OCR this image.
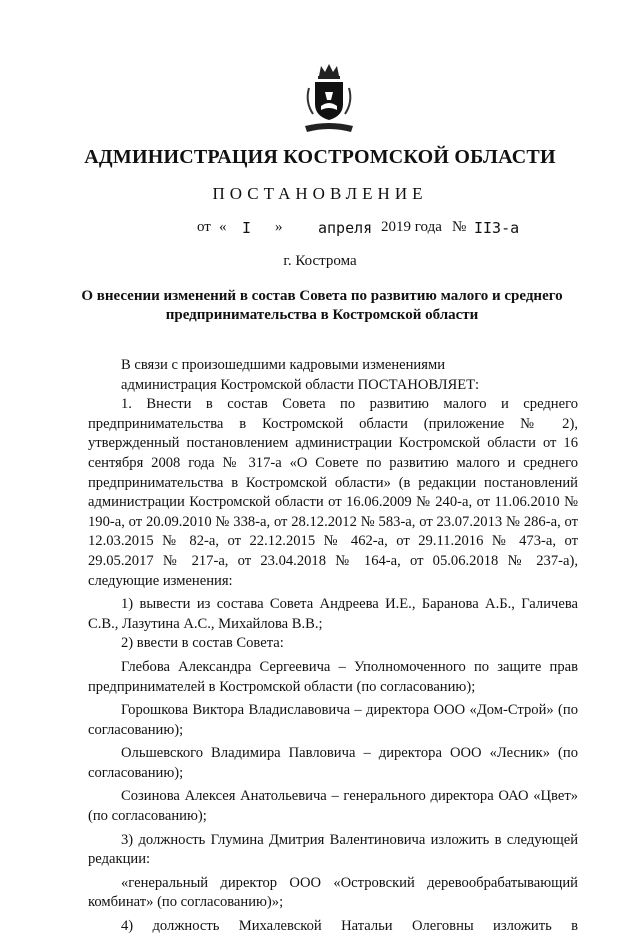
АДМИНИСТРАЦИЯ КОСТРОМСКОЙ ОБЛАСТИ
ПОСТАНОВЛЕНИЕ
от « I » апреля 2019 года № II3-а
г. Кострома
О внесении изменений в состав Совета по развитию малого и среднего предпринимательства в Костромской области

В связи с произошедшими кадровыми изменениями

администрация Костромской области ПОСТАНОВЛЯЕТ:

1. Внести в состав Совета по развитию малого и среднего предпринимательства в Костромской области (приложение № 2), утвержденный постановлением администрации Костромской области от 16 сентября 2008 года № 317-а «О Совете по развитию малого и среднего предпринимательства в Костромской области» (в редакции постановлений администрации Костромской области от 16.06.2009 № 240-а, от 11.06.2010 № 190-а, от 20.09.2010 № 338-а, от 28.12.2012 № 583-а, от 23.07.2013 № 286-а, от 12.03.2015 № 82-а, от 22.12.2015 № 462-а, от 29.11.2016 № 473-а, от 29.05.2017 № 217-а, от 23.04.2018 № 164-а, от 05.06.2018 № 237-а), следующие изменения:

1) вывести из состава Совета Андреева И.Е., Баранова А.Б., Галичева С.В., Лазутина А.С., Михайлова В.В.;

2) ввести в состав Совета:

Глебова Александра Сергеевича – Уполномоченного по защите прав предпринимателей в Костромской области (по согласованию);

Горошкова Виктора Владиславовича – директора ООО «Дом-Строй» (по согласованию);

Ольшевского Владимира Павловича – директора ООО «Лесник» (по согласованию);

Созинова Алексея Анатольевича – генерального директора ОАО «Цвет» (по согласованию);

3) должность Глумина Дмитрия Валентиновича изложить в следующей редакции:

«генеральный директор ООО «Островский деревообрабатывающий комбинат» (по согласованию)»;

4) должность Михалевской Натальи Олеговны изложить в
